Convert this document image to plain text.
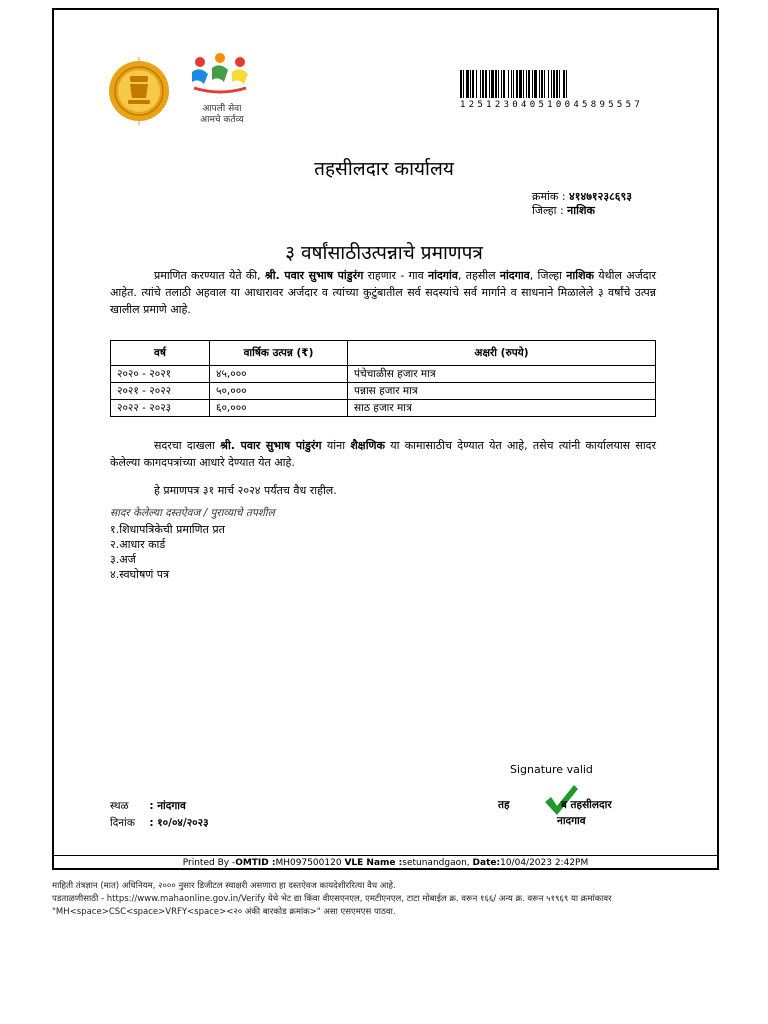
आपली सेवा
आमचे कर्तव्य
125123040510045895557
तहसीलदार कार्यालय
क्रमांक : ४१४७१२३८६९३
जिल्हा : नाशिक
३ वर्षांसाठीउत्पन्नाचे प्रमाणपत्र
प्रमाणित करण्यात येते की, श्री. पवार सुभाष पांडुरंग राहणार - गाव नांदगांव, तहसील नांदगाव, जिल्हा नाशिक येथील अर्जदार आहेत. त्यांचे तलाठी अहवाल या आधारावर अर्जदार व त्यांच्या कुटुंबातील सर्व सदस्यांचे सर्व मार्गाने व साधनाने मिळालेले ३ वर्षांचे उत्पन्न खालील प्रमाणे आहे.
वर्ष	वार्षिक उत्पन्न (₹)	अक्षरी (रुपये)
२०२० - २०२१	४५,०००	पंचेचाळीस हजार मात्र
२०२१ - २०२२	५०,०००	पन्नास हजार मात्र
२०२२ - २०२३	६०,०००	साठ हजार मात्र
सदरचा दाखला श्री. पवार सुभाष पांडुरंग यांना शैक्षणिक या कामासाठीच देण्यात येत आहे, तसेच त्यांनी कार्यालयास सादर केलेल्या कागदपत्रांच्या आधारे देण्यात येत आहे.
हे प्रमाणपत्र ३१ मार्च २०२४ पर्यंतच वैध राहील.
सादर केलेल्या दस्तऐवज / पुराव्याचे तपशील
१.शिधापत्रिकेची प्रमाणित प्रत
२.आधार कार्ड
३.अर्ज
४.स्वघोषणं पत्र
Signature valid
स्थळ : नांदगाव
दिनांक : १०/०४/२०२३
तह	ब तहसीलदार
नादगाव
Printed By -OMTID :MH097500120 VLE Name :setunandgaon, Date:10/04/2023 2:42PM
माहिती तंत्रज्ञान (मात) अधिनियम, २००० नुसार डिजीटल स्वाक्षरी असणारा हा दस्तऐवज कायदेशीररित्या वैध आहे.
पडताळणीसाठी - https://www.mahaonline.gov.in/Verify येथे भेट द्या किंवा वीएसएनएल, एमटीएनएल, टाटा मोबाईल क्र. वरून १६६/ अन्य क्र. वरून ५१९६९ या क्रमांकावर
"MH<space>CSC<space>VRFY<space><२० अंकी बारकोड क्रमांक>" असा एसएमएस पाठवा.
